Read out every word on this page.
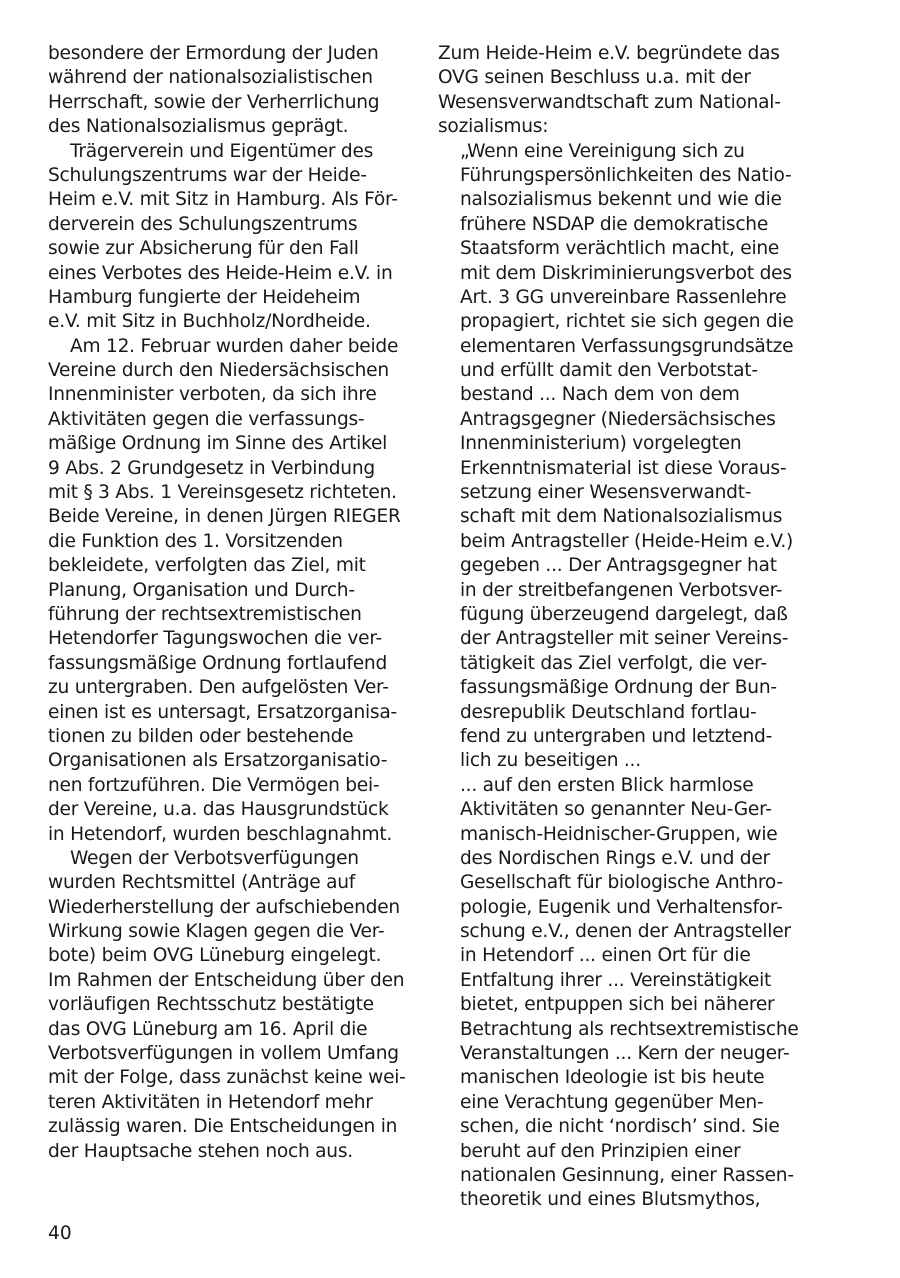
besondere der Ermordung der Juden
während der nationalsozialistischen
Herrschaft, sowie der Verherrlichung
des Nationalsozialismus geprägt.
Trägerverein und Eigentümer des
Schulungszentrums war der Heide-
Heim e.V. mit Sitz in Hamburg. Als För-
derverein des Schulungszentrums
sowie zur Absicherung für den Fall
eines Verbotes des Heide-Heim e.V. in
Hamburg fungierte der Heideheim
e.V. mit Sitz in Buchholz/Nordheide.
Am 12. Februar wurden daher beide
Vereine durch den Niedersächsischen
Innenminister verboten, da sich ihre
Aktivitäten gegen die verfassungs-
mäßige Ordnung im Sinne des Artikel
9 Abs. 2 Grundgesetz in Verbindung
mit § 3 Abs. 1 Vereinsgesetz richteten.
Beide Vereine, in denen Jürgen RIEGER
die Funktion des 1. Vorsitzenden
bekleidete, verfolgten das Ziel, mit
Planung, Organisation und Durch-
führung der rechtsextremistischen
Hetendorfer Tagungswochen die ver-
fassungsmäßige Ordnung fortlaufend
zu untergraben. Den aufgelösten Ver-
einen ist es untersagt, Ersatzorganisa-
tionen zu bilden oder bestehende
Organisationen als Ersatzorganisatio-
nen fortzuführen. Die Vermögen bei-
der Vereine, u.a. das Hausgrundstück
in Hetendorf, wurden beschlagnahmt.
Wegen der Verbotsverfügungen
wurden Rechtsmittel (Anträge auf
Wiederherstellung der aufschiebenden
Wirkung sowie Klagen gegen die Ver-
bote) beim OVG Lüneburg eingelegt.
Im Rahmen der Entscheidung über den
vorläufigen Rechtsschutz bestätigte
das OVG Lüneburg am 16. April die
Verbotsverfügungen in vollem Umfang
mit der Folge, dass zunächst keine wei-
teren Aktivitäten in Hetendorf mehr
zulässig waren. Die Entscheidungen in
der Hauptsache stehen noch aus.
Zum Heide-Heim e.V. begründete das
OVG seinen Beschluss u.a. mit der
Wesensverwandtschaft zum National-
sozialismus:
„Wenn eine Vereinigung sich zu
Führungspersönlichkeiten des Natio-
nalsozialismus bekennt und wie die
frühere NSDAP die demokratische
Staatsform verächtlich macht, eine
mit dem Diskriminierungsverbot des
Art. 3 GG unvereinbare Rassenlehre
propagiert, richtet sie sich gegen die
elementaren Verfassungsgrundsätze
und erfüllt damit den Verbotstat-
bestand ... Nach dem von dem
Antragsgegner (Niedersächsisches
Innenministerium) vorgelegten
Erkenntnismaterial ist diese Voraus-
setzung einer Wesensverwandt-
schaft mit dem Nationalsozialismus
beim Antragsteller (Heide-Heim e.V.)
gegeben ... Der Antragsgegner hat
in der streitbefangenen Verbotsver-
fügung überzeugend dargelegt, daß
der Antragsteller mit seiner Vereins-
tätigkeit das Ziel verfolgt, die ver-
fassungsmäßige Ordnung der Bun-
desrepublik Deutschland fortlau-
fend zu untergraben und letztend-
lich zu beseitigen ...
... auf den ersten Blick harmlose
Aktivitäten so genannter Neu-Ger-
manisch-Heidnischer-Gruppen, wie
des Nordischen Rings e.V. und der
Gesellschaft für biologische Anthro-
pologie, Eugenik und Verhaltensfor-
schung e.V., denen der Antragsteller
in Hetendorf ... einen Ort für die
Entfaltung ihrer ... Vereinstätigkeit
bietet, entpuppen sich bei näherer
Betrachtung als rechtsextremistische
Veranstaltungen ... Kern der neuger-
manischen Ideologie ist bis heute
eine Verachtung gegenüber Men-
schen, die nicht ‘nordisch’ sind. Sie
beruht auf den Prinzipien einer
nationalen Gesinnung, einer Rassen-
theoretik und eines Blutsmythos,
40
